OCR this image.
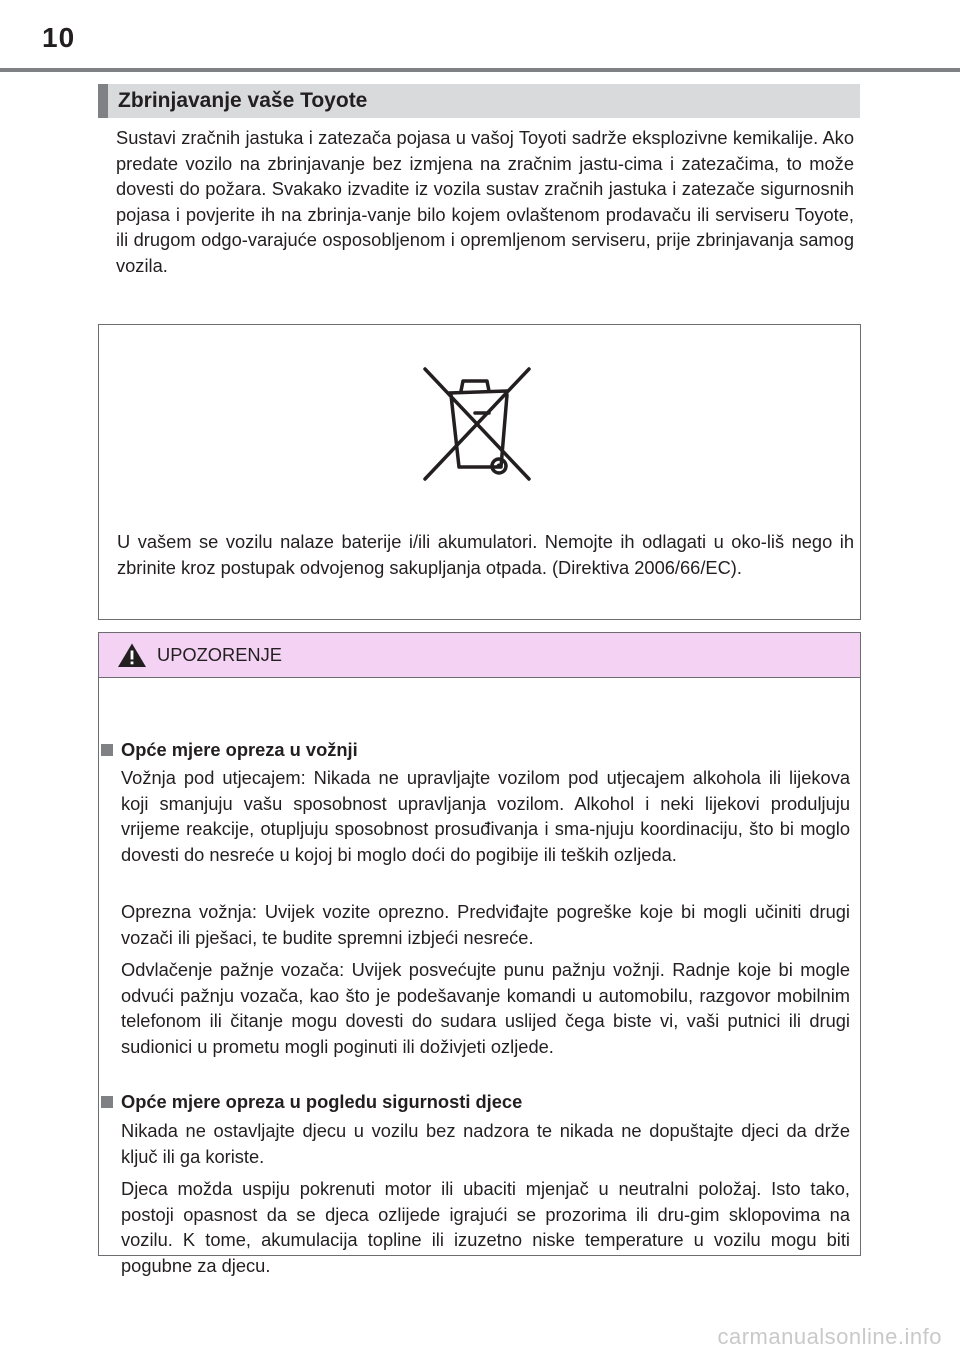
10
Zbrinjavanje vaše Toyote

Sustavi zračnih jastuka i zatezača pojasa u vašoj Toyoti sadrže eksplozivne kemikalije. Ako predate vozilo na zbrinjavanje bez izmjena na zračnim jastu-cima i zatezačima, to može dovesti do požara. Svakako izvadite iz vozila sustav zračnih jastuka i zatezače sigurnosnih pojasa i povjerite ih na zbrinja-vanje bilo kojem ovlaštenom prodavaču ili serviseru Toyote, ili drugom odgo-varajuće osposobljenom i opremljenom serviseru, prije zbrinjavanja samog vozila.

U vašem se vozilu nalaze baterije i/ili akumulatori. Nemojte ih odlagati u oko-liš nego ih zbrinite kroz postupak odvojenog sakupljanja otpada. (Direktiva 2006/66/EC).

UPOZORENJE
Opće mjere opreza u vožnji

Vožnja pod utjecajem: Nikada ne upravljajte vozilom pod utjecajem alkohola ili lijekova koji smanjuju vašu sposobnost upravljanja vozilom. Alkohol i neki lijekovi produljuju vrijeme reakcije, otupljuju sposobnost prosuđivanja i sma-njuju koordinaciju, što bi moglo dovesti do nesreće u kojoj bi moglo doći do pogibije ili teških ozljeda.

Oprezna vožnja: Uvijek vozite oprezno. Predviđajte pogreške koje bi mogli učiniti drugi vozači ili pješaci, te budite spremni izbjeći nesreće.

Odvlačenje pažnje vozača: Uvijek posvećujte punu pažnju vožnji. Radnje koje bi mogle odvući pažnju vozača, kao što je podešavanje komandi u automobilu, razgovor mobilnim telefonom ili čitanje mogu dovesti do sudara uslijed čega biste vi, vaši putnici ili drugi sudionici u prometu mogli poginuti ili doživjeti ozljede.

Opće mjere opreza u pogledu sigurnosti djece

Nikada ne ostavljajte djecu u vozilu bez nadzora te nikada ne dopuštajte djeci da drže ključ ili ga koriste.

Djeca možda uspiju pokrenuti motor ili ubaciti mjenjač u neutralni položaj. Isto tako, postoji opasnost da se djeca ozlijede igrajući se prozorima ili dru-gim sklopovima na vozilu. K tome, akumulacija topline ili izuzetno niske temperature u vozilu mogu biti pogubne za djecu.

carmanualsonline.info
